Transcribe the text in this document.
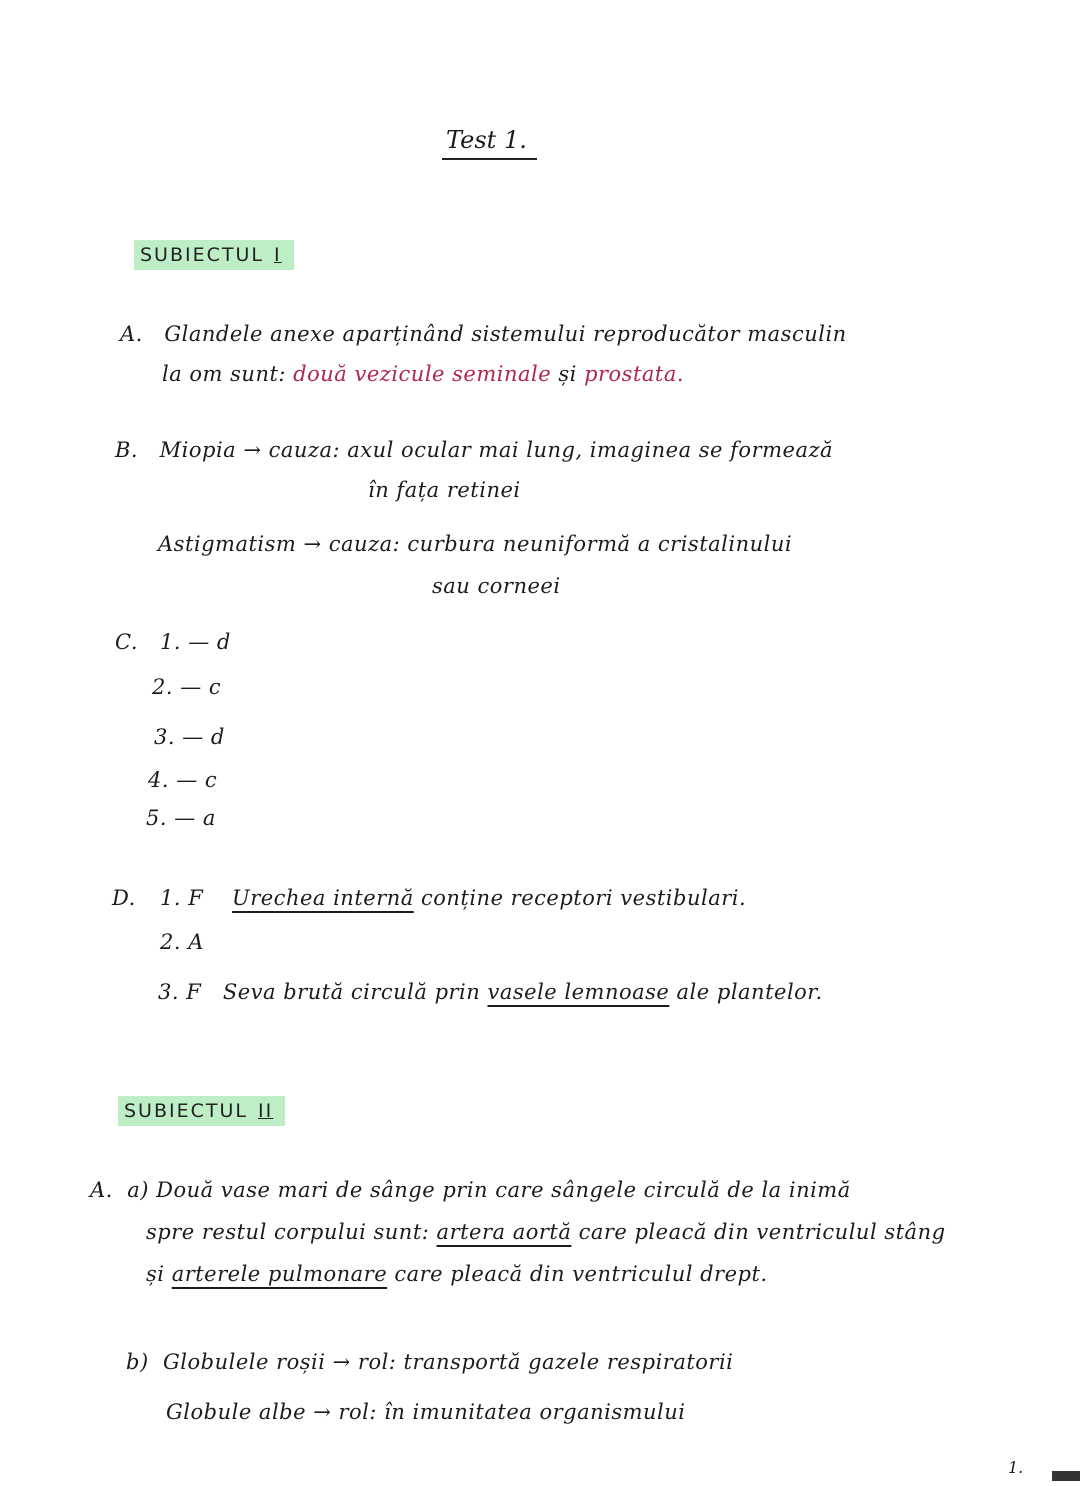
Test 1.
SUBIECTUL I
A. Glandele anexe aparținând sistemului reproducător masculin
la om sunt: două vezicule seminale și prostata.
B. Miopia → cauza: axul ocular mai lung, imaginea se formează
în fața retinei
Astigmatism → cauza: curbura neuniformă a cristalinului
sau corneei
C. 1. — d
2. — c
3. — d
4. — c
5. — a
D. 1. F Urechea internă conține receptori vestibulari.
2. A
3. F Seva brută circulă prin vasele lemnoase ale plantelor.
SUBIECTUL II
A. a) Două vase mari de sânge prin care sângele circulă de la inimă
spre restul corpului sunt: artera aortă care pleacă din ventriculul stâng
și arterele pulmonare care pleacă din ventriculul drept.
b) Globulele roșii → rol: transportă gazele respiratorii
Globule albe → rol: în imunitatea organismului
1.
